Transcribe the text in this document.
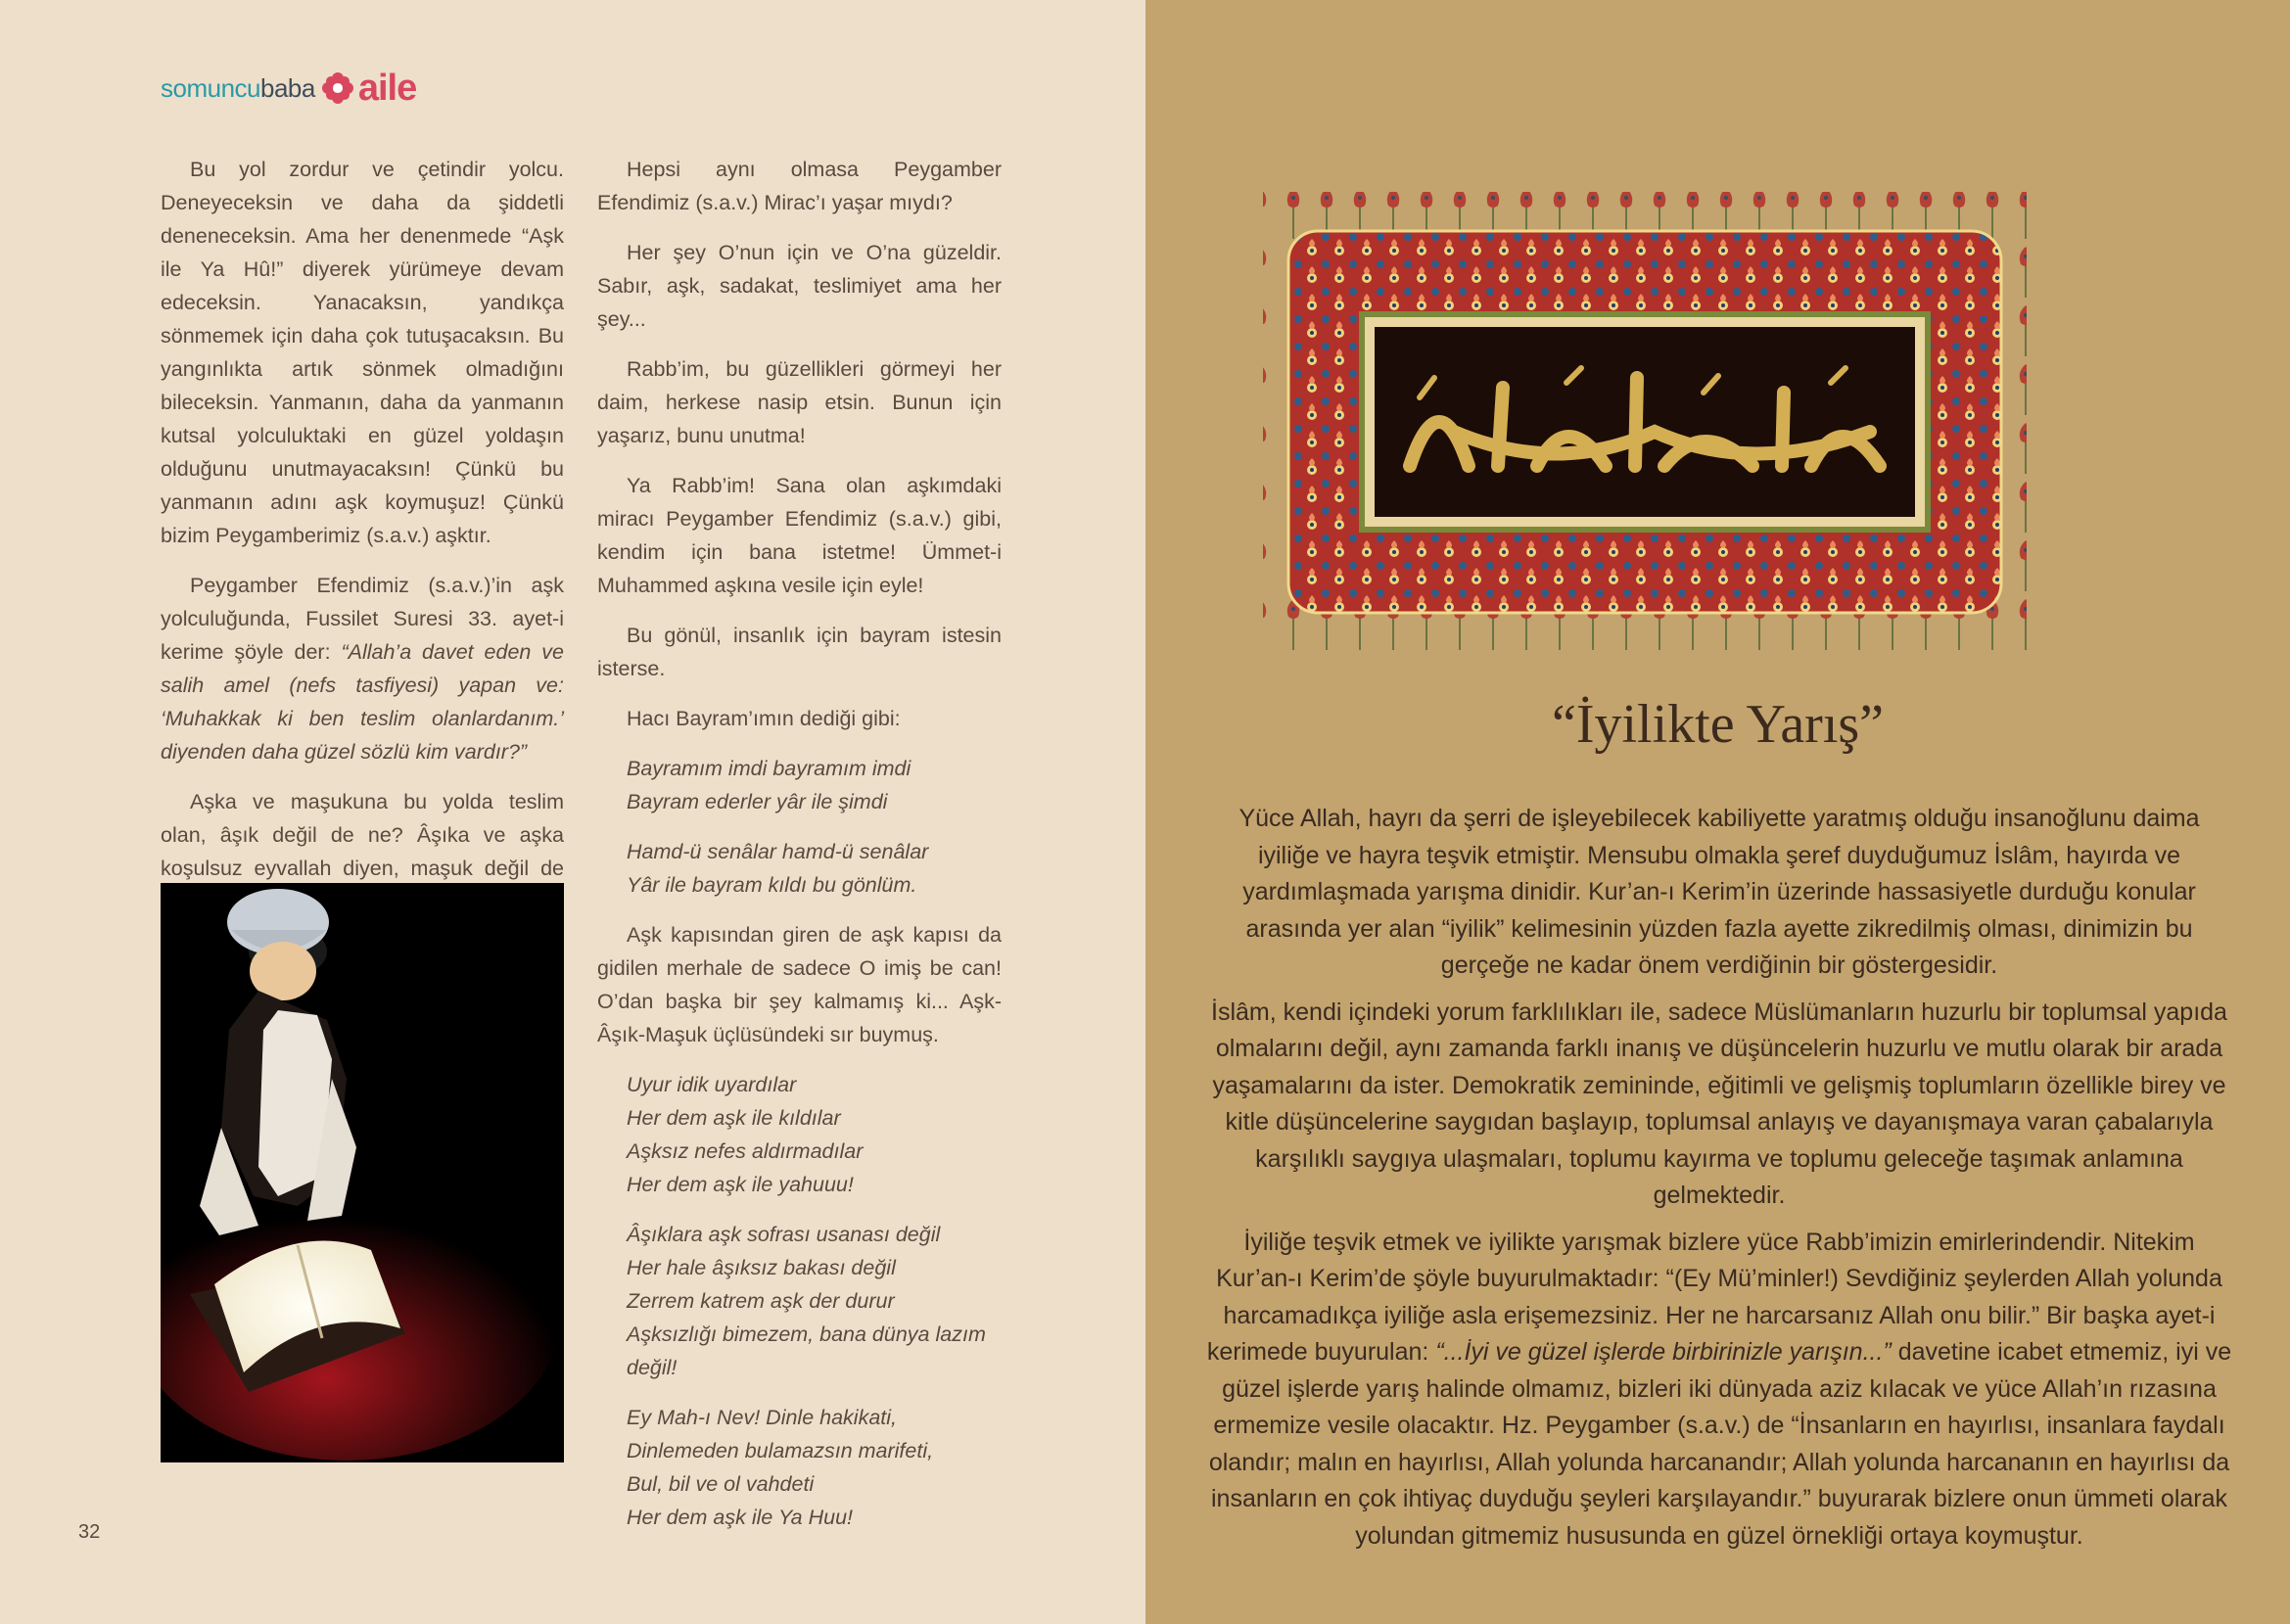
somuncu baba aile

Bu yol zordur ve çetindir yolcu. Deneyeceksin ve daha da şiddetli deneneceksin. Ama her denenmede “Aşk ile Ya Hû!” diyerek yürümeye devam edeceksin. Yanacaksın, yandıkça sönmemek için daha çok tutuşacaksın. Bu yangınlıkta artık sönmek olmadığını bileceksin. Yanmanın, daha da yanmanın kutsal yolculuktaki en güzel yoldaşın olduğunu unutmayacaksın! Çünkü bu yanmanın adını aşk koymuşuz! Çünkü bizim Peygamberimiz (s.a.v.) aşktır.

Peygamber Efendimiz (s.a.v.)’in aşk yolculuğunda, Fussilet Suresi 33. ayet-i kerime şöyle der: “Allah’a davet eden ve salih amel (nefs tasfiyesi) yapan ve: ‘Muhakkak ki ben teslim olanlardanım.’ diyenden daha güzel sözlü kim vardır?”

Aşka ve maşukuna bu yolda teslim olan, âşık değil de ne? Âşıka ve aşka koşulsuz eyvallah diyen, maşuk değil de

Hepsi aynı olmasa Peygamber Efendimiz (s.a.v.) Mirac’ı yaşar mıydı?

Her şey O’nun için ve O’na güzeldir. Sabır, aşk, sadakat, teslimiyet ama her şey...

Rabb’im, bu güzellikleri görmeyi her daim, herkese nasip etsin. Bunun için yaşarız, bunu unutma!

Ya Rabb’im! Sana olan aşkımdaki miracı Peygamber Efendimiz (s.a.v.) gibi, kendim için bana istetme! Ümmet-i Muhammed aşkına vesile için eyle!

Bu gönül, insanlık için bayram istesin isterse.

Hacı Bayram’ımın dediği gibi:

Bayramım imdi bayramım imdi
Bayram ederler yâr ile şimdi

Hamd-ü senâlar hamd-ü senâlar
Yâr ile bayram kıldı bu gönlüm.

Aşk kapısından giren de aşk kapısı da gidilen merhale de sadece O imiş be can! O’dan başka bir şey kalmamış ki... Aşk-Âşık-Maşuk üçlüsündeki sır buymuş.

Uyur idik uyardılar
Her dem aşk ile kıldılar
Aşksız nefes aldırmadılar
Her dem aşk ile yahuuu!

Âşıklara aşk sofrası usanası değil
Her hale âşıksız bakası değil
Zerrem katrem aşk der durur
Aşksızlığı bimezem, bana dünya lazım değil!

Ey Mah-ı Nev! Dinle hakikati,
Dinlemeden bulamazsın marifeti,
Bul, bil ve ol vahdeti
Her dem aşk ile Ya Huu!

32
“İyilikte Yarış”

Yüce Allah, hayrı da şerri de işleyebilecek kabiliyette yaratmış olduğu insanoğlunu daima iyiliğe ve hayra teşvik etmiştir. Mensubu olmakla şeref duyduğumuz İslâm, hayırda ve yardımlaşmada yarışma dinidir. Kur’an-ı Kerim’in üzerinde hassasiyetle durduğu konular arasında yer alan “iyilik” kelimesinin yüzden fazla ayette zikredilmiş olması, dinimizin bu gerçeğe ne kadar önem verdiğinin bir göstergesidir.

İslâm, kendi içindeki yorum farklılıkları ile, sadece Müslümanların huzurlu bir toplumsal yapıda olmalarını değil, aynı zamanda farklı inanış ve düşüncelerin huzurlu ve mutlu olarak bir arada yaşamalarını da ister. Demokratik zemininde, eğitimli ve gelişmiş toplumların özellikle birey ve kitle düşüncelerine saygıdan başlayıp, toplumsal anlayış ve dayanışmaya varan çabalarıyla karşılıklı saygıya ulaşmaları, toplumu kayırma ve toplumu geleceğe taşımak anlamına gelmektedir.

İyiliğe teşvik etmek ve iyilikte yarışmak bizlere yüce Rabb’imizin emirlerindendir. Nitekim Kur’an-ı Kerim’de şöyle buyurulmaktadır: “(Ey Mü’minler!) Sevdiğiniz şeylerden Allah yolunda harcamadıkça iyiliğe asla erişemezsiniz. Her ne harcarsanız Allah onu bilir.” Bir başka ayet-i kerimede buyurulan: “...İyi ve güzel işlerde birbirinizle yarışın...” davetine icabet etmemiz, iyi ve güzel işlerde yarış halinde olmamız, bizleri iki dünyada aziz kılacak ve yüce Allah’ın rızasına ermemize vesile olacaktır. Hz. Peygamber (s.a.v.) de “İnsanların en hayırlısı, insanlara faydalı olandır; malın en hayırlısı, Allah yolunda harcanandır; Allah yolunda harcananın en hayırlısı da insanların en çok ihtiyaç duyduğu şeyleri karşılayandır.” buyurarak bizlere onun ümmeti olarak yolundan gitmemiz hususunda en güzel örnekliği ortaya koymuştur.
